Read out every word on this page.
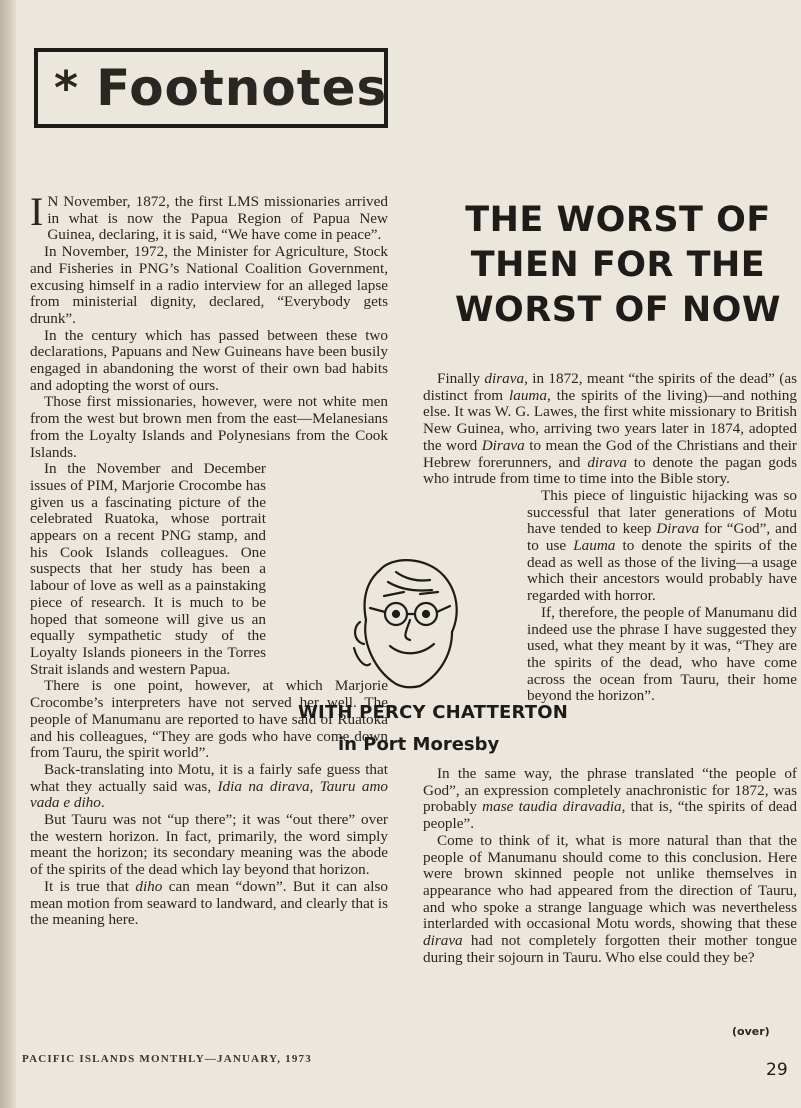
* Footnotes
THE WORST OF
THEN FOR THE
WORST OF NOW

I N November, 1872, the first LMS missionaries arrived in what is now the Papua Region of Papua New Guinea, declaring, it is said, “We have come in peace”.

In November, 1972, the Minister for Agriculture, Stock and Fisheries in PNG’s National Coalition Government, excusing himself in a radio interview for an alleged lapse from ministerial dignity, declared, “Everybody gets drunk”.

In the century which has passed between these two declarations, Papuans and New Guineans have been busily engaged in abandoning the worst of their own bad habits and adopting the worst of ours.

Those first missionaries, however, were not white men from the west but brown men from the east—Melanesians from the Loyalty Islands and Polynesians from the Cook Islands.

In the November and December issues of PIM, Marjorie Crocombe has given us a fascinating picture of the celebrated Ruatoka, whose portrait appears on a recent PNG stamp, and his Cook Islands colleagues. One suspects that her study has been a labour of love as well as a painstaking piece of research. It is much to be hoped that someone will give us an equally sympathetic study of the Loyalty Islands pioneers in the Torres Strait islands and western Papua.

There is one point, however, at which Marjorie Crocombe’s interpreters have not served her well. The people of Manumanu are reported to have said of Ruatoka and his colleagues, “They are gods who have come down from Tauru, the spirit world”.

Back-translating into Motu, it is a fairly safe guess that what they actually said was, Idia na dirava, Tauru amo vada e diho.

But Tauru was not “up there”; it was “out there” over the western horizon. In fact, primarily, the word simply meant the horizon; its secondary meaning was the abode of the spirits of the dead which lay beyond that horizon.

It is true that diho can mean “down”. But it can also mean motion from seaward to landward, and clearly that is the meaning here.

Finally dirava, in 1872, meant “the spirits of the dead” (as distinct from lauma, the spirits of the living)—and nothing else. It was W. G. Lawes, the first white missionary to British New Guinea, who, arriving two years later in 1874, adopted the word Dirava to mean the God of the Christians and their Hebrew forerunners, and dirava to denote the pagan gods who intrude from time to time into the Bible story.

This piece of linguistic hijacking was so successful that later generations of Motu have tended to keep Dirava for “God”, and to use Lauma to denote the spirits of the dead as well as those of the living—a usage which their ancestors would probably have regarded with horror.

If, therefore, the people of Manumanu did indeed use the phrase I have suggested they used, what they meant by it was, “They are the spirits of the dead, who have come across the ocean from Tauru, their home beyond the horizon”.

In the same way, the phrase translated “the people of God”, an expression completely anachronistic for 1872, was probably mase taudia diravadia, that is, “the spirits of dead people”.

Come to think of it, what is more natural than that the people of Manumanu should come to this conclusion. Here were brown skinned people not unlike themselves in appearance who had appeared from the direction of Tauru, and who spoke a strange language which was nevertheless interlarded with occasional Motu words, showing that these dirava had not completely forgotten their mother tongue during their sojourn in Tauru. Who else could they be?

WITH PERCY CHATTERTON
in Port Moresby
(over)
PACIFIC ISLANDS MONTHLY—JANUARY, 1973
29
